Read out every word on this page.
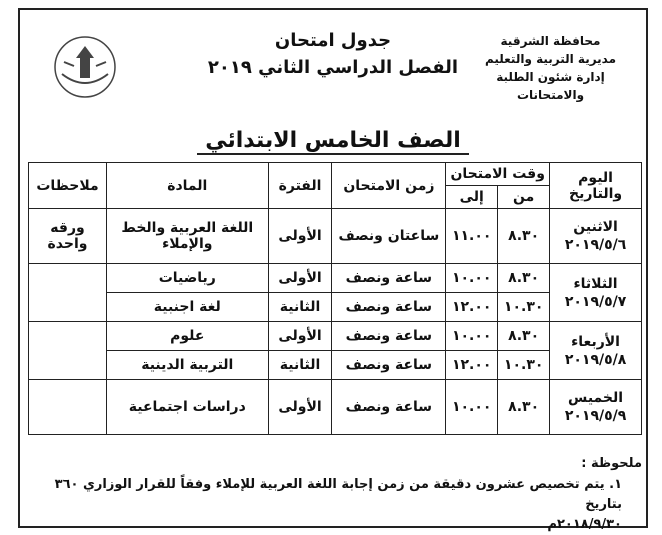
محافظة الشرقية
مديرية التربية والتعليم
إدارة شئون الطلبة والامتحانات
جدول امتحان
الفصل الدراسي الثاني ٢٠١٩
الصف الخامس الابتدائي
اليوم والتاريخ	وقت الامتحان		زمن الامتحان	الفترة	المادة	ملاحظات
	من	إلى				

الاثنين
٢٠١٩/٥/٦	٨.٣٠	١١.٠٠	ساعتان ونصف	الأولى	اللغة العربية والخط والإملاء	ورقه واحدة

الثلاثاء
٢٠١٩/٥/٧	٨.٣٠	١٠.٠٠	ساعة ونصف	الأولى	رياضيات	
	١٠.٣٠	١٢.٠٠	ساعة ونصف	الثانية	لغة اجنبية	

الأربعاء
٢٠١٩/٥/٨	٨.٣٠	١٠.٠٠	ساعة ونصف	الأولى	علوم	
	١٠.٣٠	١٢.٠٠	ساعة ونصف	الثانية	التربية الدينية	

الخميس
٢٠١٩/٥/٩	٨.٣٠	١٠.٠٠	ساعة ونصف	الأولى	دراسات اجتماعية	
ملحوظة :
١. يتم تخصيص عشرون دقيقة من زمن إجابة اللغة العربية للإملاء وفقاً للقرار الوزاري ٣٦٠ بتاريخ
٢٠١٨/٩/٣٠م
